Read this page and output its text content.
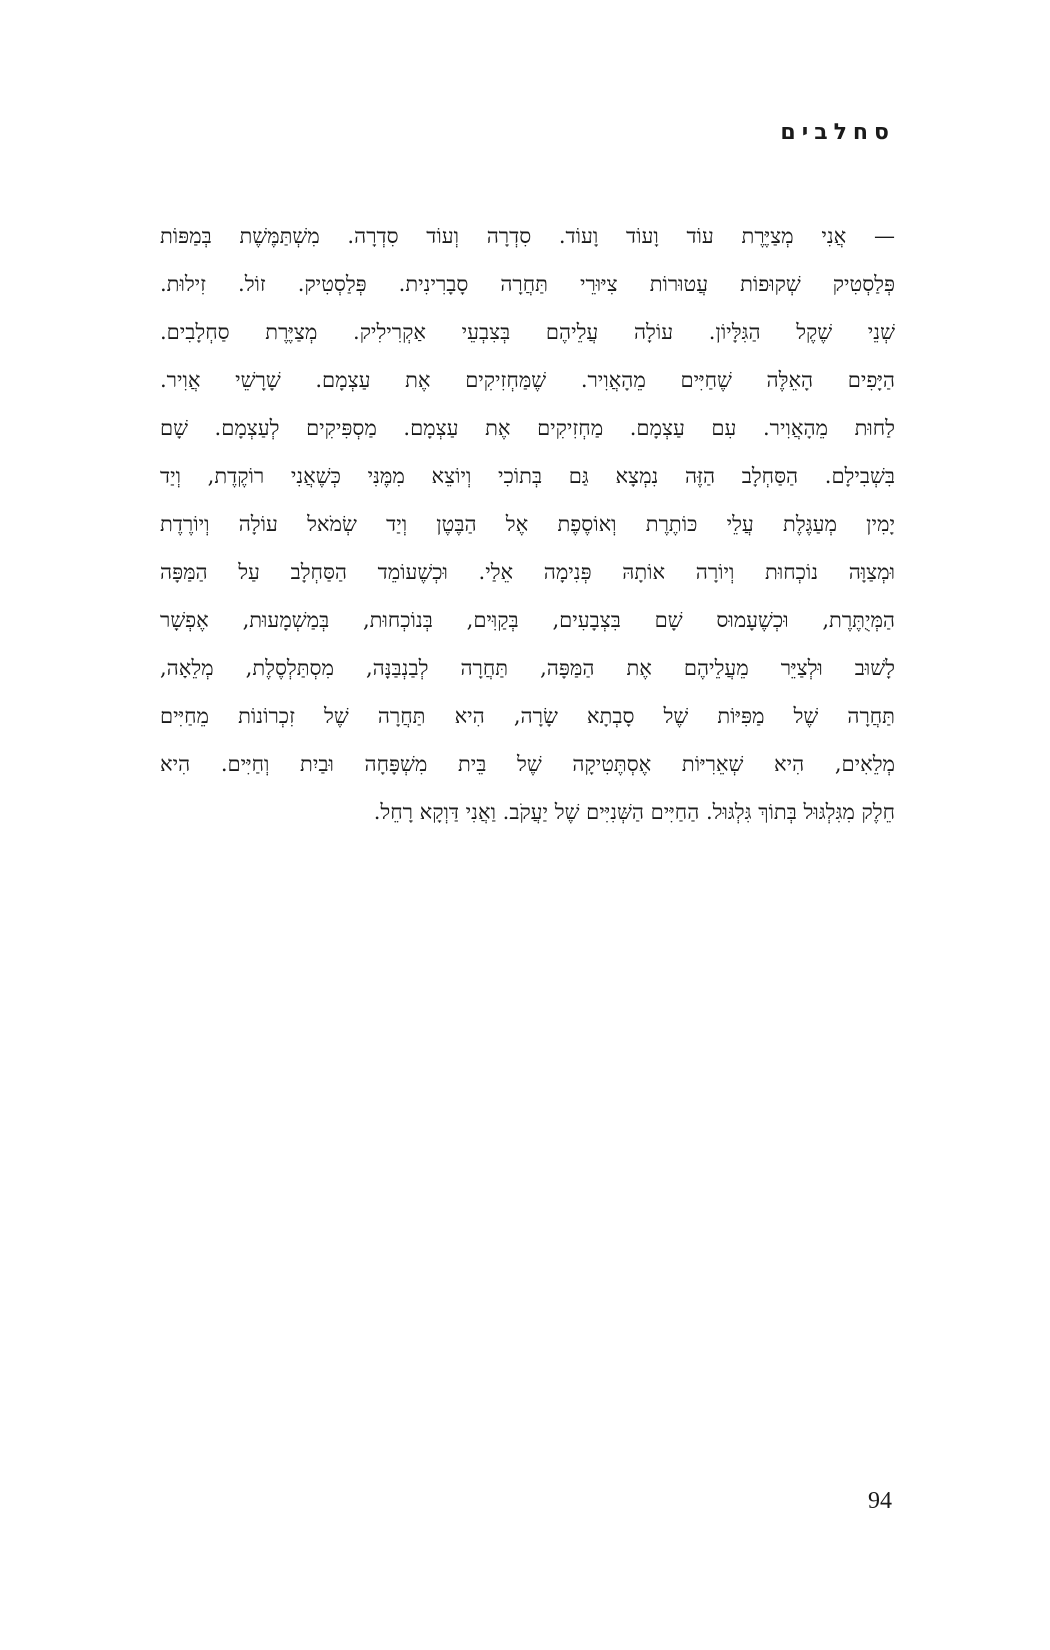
סחלבים

— אֲנִי מְצַיֶּרֶת עוֹד וָעוֹד וָעוֹד. סִדְרָה וְעוֹד סִדְרָה. מִשְׁתַּמֶּשֶׁת בְּמַפּוֹת
פְּלַסְטִיק שְׁקוּפוֹת עֲטוּרוֹת צִיּוּרֵי תַּחֲרָה סָבָרִינִית. פְּלַסְטִיק. זוֹל. זִילוּת.
שְׁנֵי שֶׁקֶל הַגִּלָּיוֹן. עוֹלָה עֲלֵיהֶם בְּצִבְעֵי אַקְרִילִיק. מְצַיֶּרֶת סַחְלָבִים.
הַיָּפִים הָאֵלֶּה שֶׁחַיִּים מֵהָאֲוִיר. שֶׁמַּחְזִיקִים אֶת עַצְמָם. שָׁרָשֵׁי אֲוִיר.
לַחוּת מֵהָאֲוִיר. עִם עַצְמָם. מַחְזִיקִים אֶת עַצְמָם. מַסְפִּיקִים לְעַצְמָם. שָׁם
בִּשְׁבִילָם. הַסַּחְלָב הַזֶּה נִמְצָא גַּם בְּתוֹכִי וְיוֹצֵא מִמֶּנִּי כְּשֶׁאֲנִי רוֹקֶדֶת, וְיַד
יָמִין מְעַגֶּלֶת עֲלֵי כּוֹתֶרֶת וְאוֹסֶפֶת אֶל הַבֶּטֶן וְיַד שְׂמֹאל עוֹלָה וְיוֹרֶדֶת
וּמְצַוָּה נוֹכְחוּת וְיוֹרָה אוֹתָהּ פְּנִימָה אֵלַי. וּכְשֶׁעוֹמֵד הַסַּחְלָב עַל הַמַּפָּה
הַמְּיֻתֶּרֶת, וּכְשֶׁעָמוּס שָׁם בִּצְבָעִים, בְּקַוִּים, בְּנוֹכְחוּת, בְּמַשְׁמָעוּת, אֶפְשָׁר
לָשׁוּב וּלְצַיֵּר מֵעֲלֵיהֶם אֶת הַמַּפָּה, תַּחֲרָה לְבַנְבַּנָּה, מִסְתַּלְסֶלֶת, מְלֵאָה,
תַּחֲרָה שֶׁל מַפִּיּוֹת שֶׁל סָבְתָא שָׂרָה, הִיא תַּחֲרָה שֶׁל זִכְרוֹנוֹת מֵחַיִּים
מְלֵאִים, הִיא שְׁאֵרִיּוֹת אֶסְתֶּטִיקָה שֶׁל בֵּית מִשְׁפָּחָה וּבַיִת וְחַיִּים. הִיא
חֵלֶק מִגִּלְגּוּל בְּתוֹךְ גִּלְגּוּל. הַחַיִּים הַשְּׁנִיִּים שֶׁל יַעֲקֹב. וַאֲנִי דַּוְקָא רָחֵל.

94
